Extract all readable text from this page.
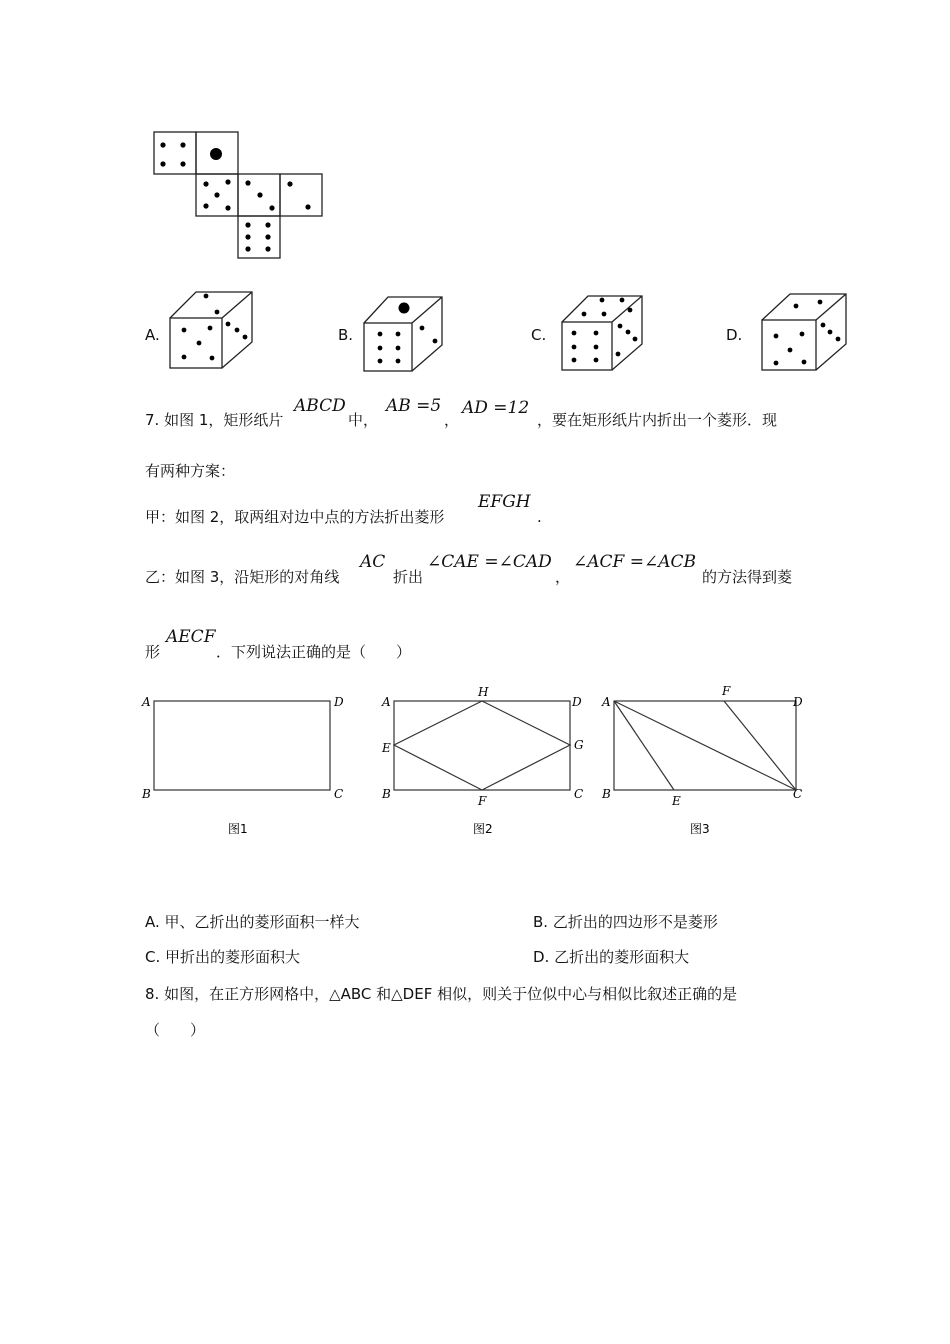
A.	B.	C.	D.
7. 如图 1，矩形纸片
ABCD
中，
AB =5
，
AD =12
，要在矩形纸片内折出一个菱形．现
有两种方案：
甲：如图 2，取两组对边中点的方法折出菱形
EFGH
.
乙：如图 3，沿矩形的对角线
AC
折出
∠CAE =∠CAD
，
∠ACF =∠ACB
的方法得到菱
形
AECF
．下列说法正确的是（　　）
A	D
B	C
图1
A
H
D
E	G
B	F	C
图2
A
F
D
B	E	C
图3
A. 甲、乙折出的菱形面积一样大	B. 乙折出的四边形不是菱形
C. 甲折出的菱形面积大	D. 乙折出的菱形面积大
8. 如图，在正方形网格中，△ABC 和△DEF 相似，则关于位似中心与相似比叙述正确的是
（　　）
